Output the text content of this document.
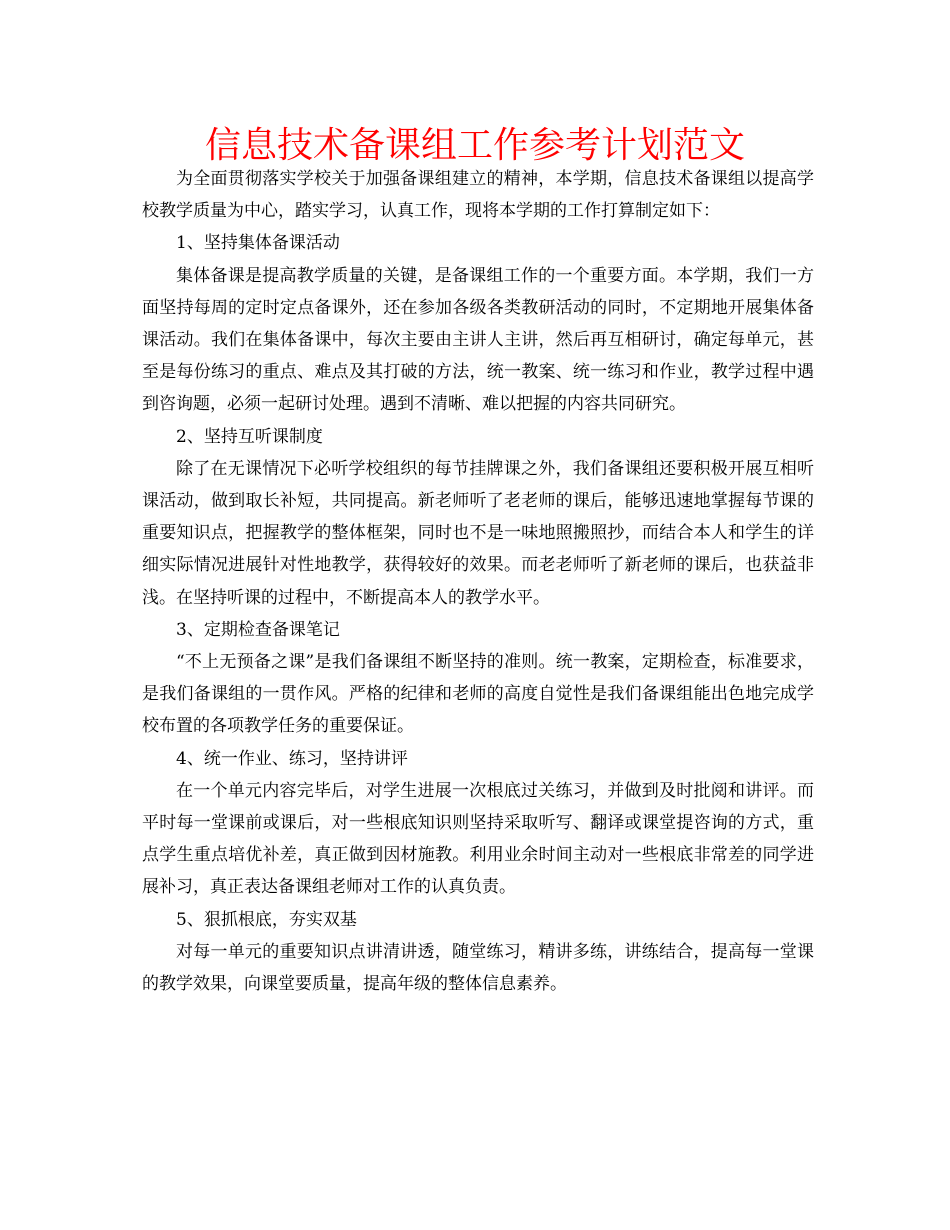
信息技术备课组工作参考计划范文

为全面贯彻落实学校关于加强备课组建立的精神，本学期，信息技术备课组以提高学校教学质量为中心，踏实学习，认真工作，现将本学期的工作打算制定如下：

1、坚持集体备课活动

集体备课是提高教学质量的关键，是备课组工作的一个重要方面。本学期，我们一方面坚持每周的定时定点备课外，还在参加各级各类教研活动的同时，不定期地开展集体备课活动。我们在集体备课中，每次主要由主讲人主讲，然后再互相研讨，确定每单元，甚至是每份练习的重点、难点及其打破的方法，统一教案、统一练习和作业，教学过程中遇到咨询题，必须一起研讨处理。遇到不清晰、难以把握的内容共同研究。

2、坚持互听课制度

除了在无课情况下必听学校组织的每节挂牌课之外，我们备课组还要积极开展互相听课活动，做到取长补短，共同提高。新老师听了老老师的课后，能够迅速地掌握每节课的重要知识点，把握教学的整体框架，同时也不是一味地照搬照抄，而结合本人和学生的详细实际情况进展针对性地教学，获得较好的效果。而老老师听了新老师的课后，也获益非浅。在坚持听课的过程中，不断提高本人的教学水平。

3、定期检查备课笔记

“不上无预备之课”是我们备课组不断坚持的准则。统一教案，定期检查，标准要求，是我们备课组的一贯作风。严格的纪律和老师的高度自觉性是我们备课组能出色地完成学校布置的各项教学任务的重要保证。

4、统一作业、练习，坚持讲评

在一个单元内容完毕后，对学生进展一次根底过关练习，并做到及时批阅和讲评。而平时每一堂课前或课后，对一些根底知识则坚持采取听写、翻译或课堂提咨询的方式，重点学生重点培优补差，真正做到因材施教。利用业余时间主动对一些根底非常差的同学进展补习，真正表达备课组老师对工作的认真负责。

5、狠抓根底，夯实双基

对每一单元的重要知识点讲清讲透，随堂练习，精讲多练，讲练结合，提高每一堂课的教学效果，向课堂要质量，提高年级的整体信息素养。
